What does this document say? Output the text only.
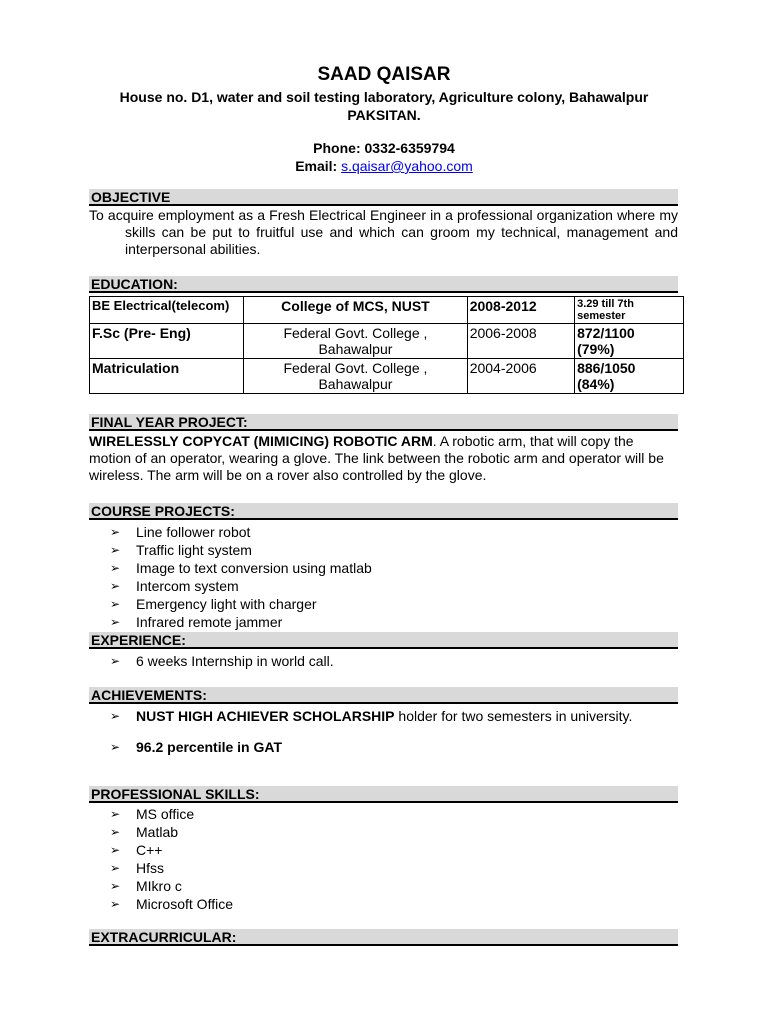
SAAD QAISAR
House no. D1, water and soil testing laboratory, Agriculture colony, Bahawalpur
PAKSITAN.
Phone: 0332-6359794
Email: s.qaisar@yahoo.com
OBJECTIVE
To acquire employment as a Fresh Electrical Engineer in a professional organization where my skills can be put to fruitful use and which can groom my technical, management and interpersonal abilities.
EDUCATION:
BE Electrical(telecom)	College of MCS, NUST	2008-2012	3.29 till 7th
semester

F.Sc (Pre- Eng)	Federal Govt. College , Bahawalpur	2006-2008	872/1100
(79%)

Matriculation	Federal Govt. College , Bahawalpur	2004-2006	886/1050
(84%)
FINAL YEAR PROJECT:
WIRELESSLY COPYCAT (MIMICING) ROBOTIC ARM. A robotic arm, that will copy the motion of an operator, wearing a glove. The link between the robotic arm and operator will be wireless. The arm will be on a rover also controlled by the glove.
COURSE PROJECTS:
➢ Line follower robot
➢ Traffic light system
➢ Image to text conversion using matlab
➢ Intercom system
➢ Emergency light with charger
➢ Infrared remote jammer
EXPERIENCE:
➢ 6 weeks Internship in world call.
ACHIEVEMENTS:
➢ NUST HIGH ACHIEVER SCHOLARSHIP holder for two semesters in university.
➢ 96.2 percentile in GAT
PROFESSIONAL SKILLS:
➢ MS office
➢ Matlab
➢ C++
➢ Hfss
➢ MIkro c
➢ Microsoft Office
EXTRACURRICULAR:
